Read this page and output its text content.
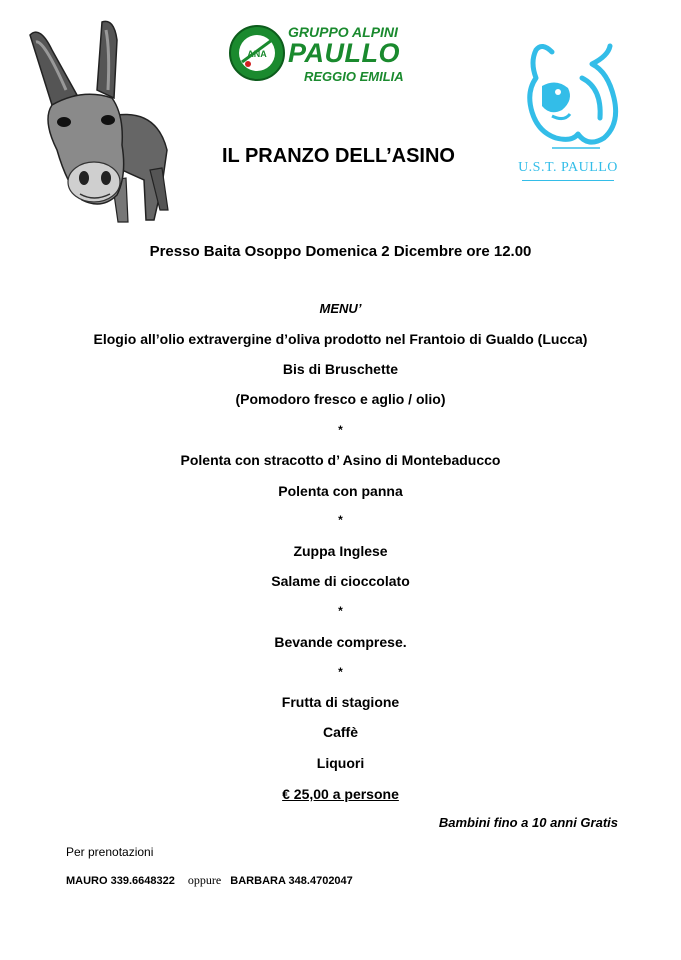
ANA
GRUPPO ALPINI
PAULLO
REGGIO EMILIA
U.S.T. PAULLO
IL PRANZO DELL’ASINO
Presso Baita Osoppo Domenica 2 Dicembre ore 12.00
MENU’
Elogio all’olio extravergine d’oliva prodotto nel Frantoio di Gualdo (Lucca)
Bis di Bruschette
(Pomodoro fresco e aglio / olio)
*
Polenta con stracotto d’ Asino di Montebaducco
Polenta con panna
*
Zuppa Inglese
Salame di cioccolato
*
Bevande comprese.
*
Frutta di stagione
Caffè
Liquori
€ 25,00 a persone
Bambini fino a 10 anni Gratis
Per prenotazioni
MAURO 339.6648322 oppure BARBARA 348.4702047
